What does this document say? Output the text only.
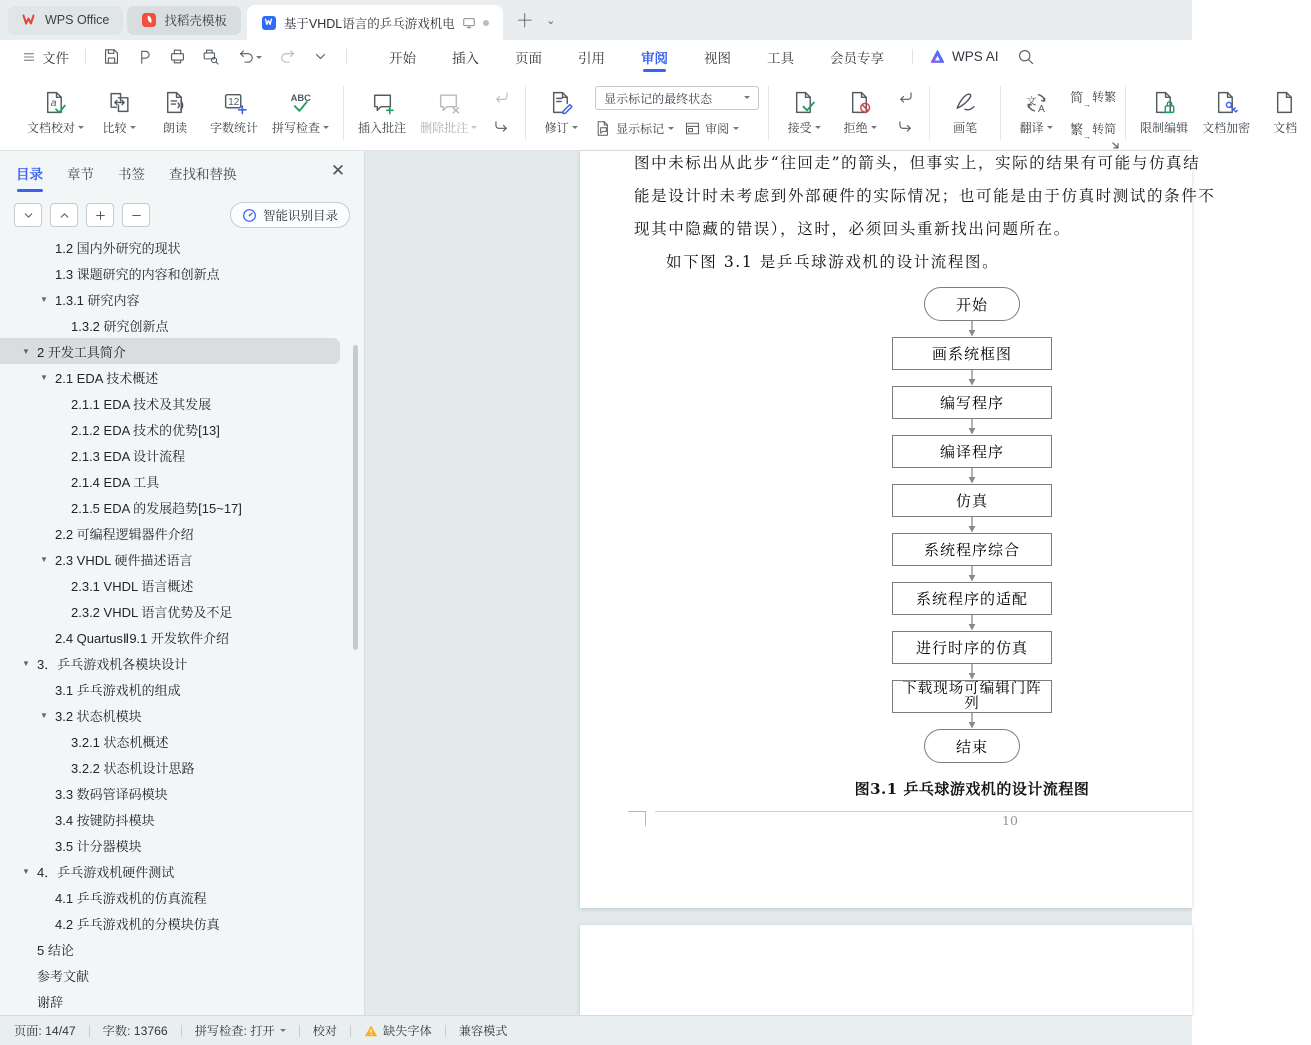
WPS Office	找稻壳模板	基于VHDL语言的乒乓游戏机电	＋	⌄
文件	开始	插入	页面	引用	审阅	视图	工具	会员专享	WPS AI
a
文档校对 比较	朗读
12
字数统计
ABC
拼写检查	插入批注 删除批注	修订
显示标记的最终状态
显示标记	审阅	接受	拒绝	画笔
文
A
翻译
简 → 转繁
繁 → 转简 限制编辑 文档加密 文档
目录 章节 书签 查找和替换	✕
智能识别目录
1.2 国内外研究的现状
1.3 课题研究的内容和创新点
▼ 1.3.1 研究内容
1.3.2 研究创新点
▼ 2 开发工具简介
▼ 2.1 EDA 技术概述
2.1.1 EDA 技术及其发展
2.1.2 EDA 技术的优势[13]
2.1.3 EDA 设计流程
2.1.4 EDA 工具
2.1.5 EDA 的发展趋势[15~17]
2.2 可编程逻辑器件介绍
▼ 2.3 VHDL 硬件描述语言
2.3.1 VHDL 语言概述
2.3.2 VHDL 语言优势及不足
2.4 QuartusⅡ9.1 开发软件介绍
▼ 3．乒乓游戏机各模块设计
3.1 乒乓游戏机的组成
▼ 3.2 状态机模块
3.2.1 状态机概述
3.2.2 状态机设计思路
3.3 数码管译码模块
3.4 按键防抖模块
3.5 计分器模块
▼ 4．乒乓游戏机硬件测试
4.1 乒乓游戏机的仿真流程
4.2 乒乓游戏机的分模块仿真
5 结论
参考文献
谢辞
图中未标出从此步“往回走”的箭头，但事实上，实际的结果有可能与仿真结
能是设计时未考虑到外部硬件的实际情况；也可能是由于仿真时测试的条件不
现其中隐藏的错误），这时，必须回头重新找出问题所在。
如下图 3.1 是乒乓球游戏机的设计流程图。
开始
画系统框图
编写程序
编译程序
仿真
系统程序综合
系统程序的适配
进行时序的仿真
下载现场可编辑门阵列
结束
图3.1 乒乓球游戏机的设计流程图
10
页面: 14/47 字数: 13766 拼写检查: 打开	校对	缺失字体 兼容模式
